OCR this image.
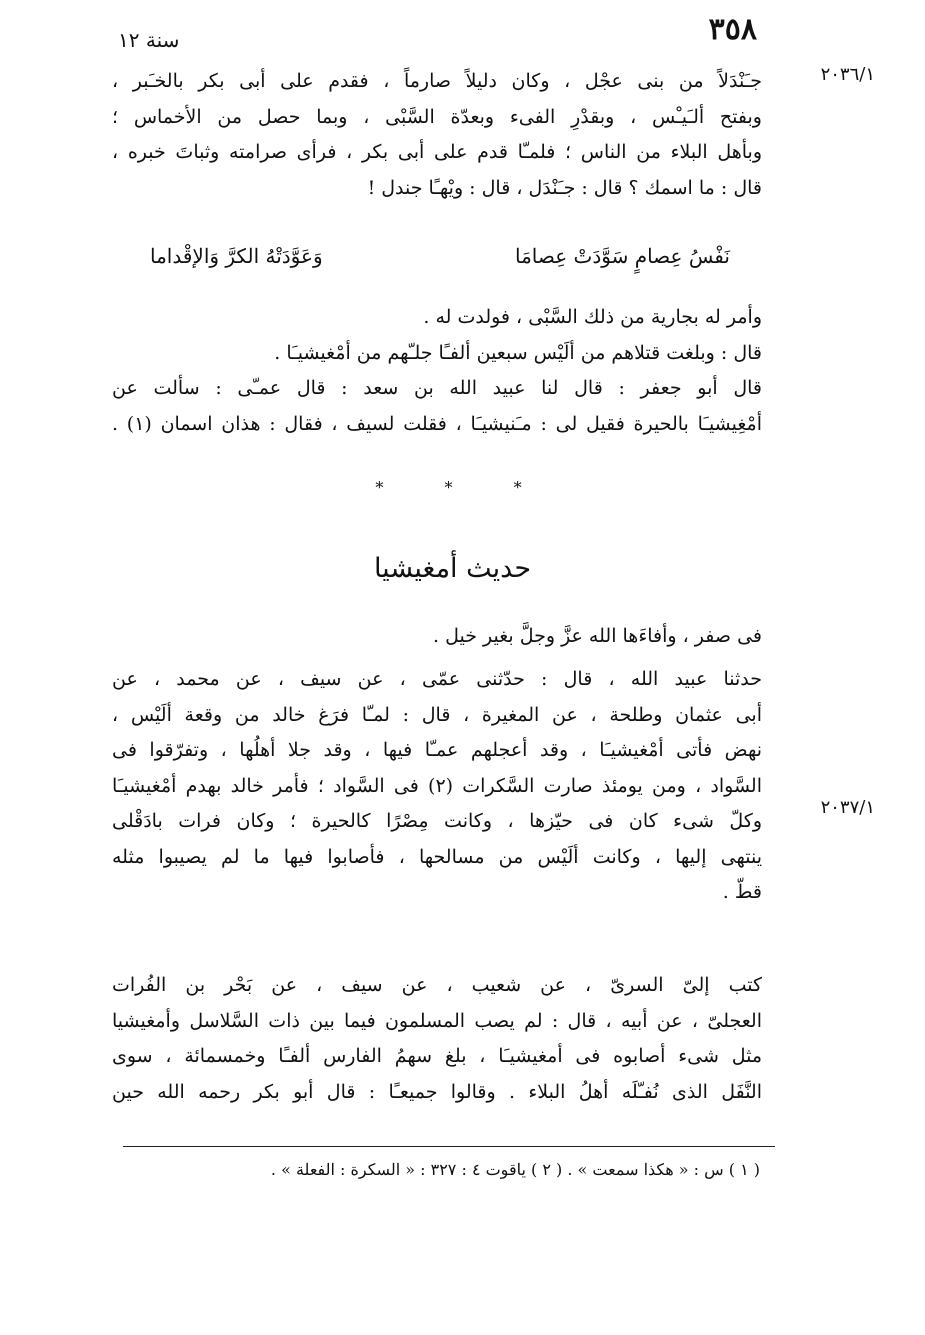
٣٥٨
سنة ١٢
٢٠٣٦/١
٢٠٣٧/١
جـَنْدَلاً من بنى عجْل ، وكان دليلاً صارماً ، فقدم على أبى بكر بالخـَبر ،
وبفتح ألـَيـْس ، وبقدْرِ الفىء وبعدّة السَّبْى ، وبما حصل من الأخماس ؛
وبأهل البلاء من الناس ؛ فلمـّا قدم على أبى بكر ، فرأى صرامته وثباتَ خبره ،
قال : ما اسمك ؟ قال : جـَنْدَل ، قال : ويْهـًا جندل !
نَفْسُ عِصامٍ سَوَّدَتْ عِصامَا
وَعَوَّدَتْهُ الكرَّ وَالإقْداما
وأمر له بجارية من ذلك السَّبْى ، فولدت له .
قال : وبلغت قتلاهم من ألَيْس سبعين ألفـًا جلـّهم من أمْغيشيـَا .
قال أبو جعفر : قال لنا عبيد الله بن سعد : قال عمـّى : سألت عن
أمْغِيشيـَا بالحيرة فقيل لى : مـَنيشيـَا ، فقلت لسيف ، فقال : هذان اسمان (١) .
* * *
حديث أمغيشيا
فى صفر ، وأفاءَها الله عزَّ وجلَّ بغير خيل .
حدثنا عبيد الله ، قال : حدّثنى عمّى ، عن سيف ، عن محمد ، عن
أبى عثمان وطلحة ، عن المغيرة ، قال : لمـّا فرَغ خالد من وقعة ألَيْس ،
نهض فأتى أمْغيشيـَا ، وقد أعجلهم عمـّا فيها ، وقد جلا أهلُها ، وتفرّقوا فى
السَّواد ، ومن يومئذ صارت السَّكرات (٢) فى السَّواد ؛ فأمر خالد بهدم أمْغيشيـَا
وكلّ شىء كان فى حيّزها ، وكانت مِصْرًا كالحيرة ؛ وكان فرات بادَقْلى
ينتهى إليها ، وكانت ألَيْس من مسالحها ، فأصابوا فيها ما لم يصيبوا مثله
قطّ .
كتب إلىّ السرىّ ، عن شعيب ، عن سيف ، عن بَحْر بن الفُرات
العجلىّ ، عن أبيه ، قال : لم يصب المسلمون فيما بين ذات السَّلاسل وأمغيشيا
مثل شىء أصابوه فى أمغيشيـَا ، بلغ سهمُ الفارس ألفـًا وخمسمائة ، سوى
النَّفَل الذى نُفـّلَه أهلُ البلاء . وقالوا جميعـًا : قال أبو بكر رحمه الله حين
( ١ ) س : « هكذا سمعت » . ( ٢ ) ياقوت ٤ : ٣٢٧ : « السكرة : الفعلة » .
